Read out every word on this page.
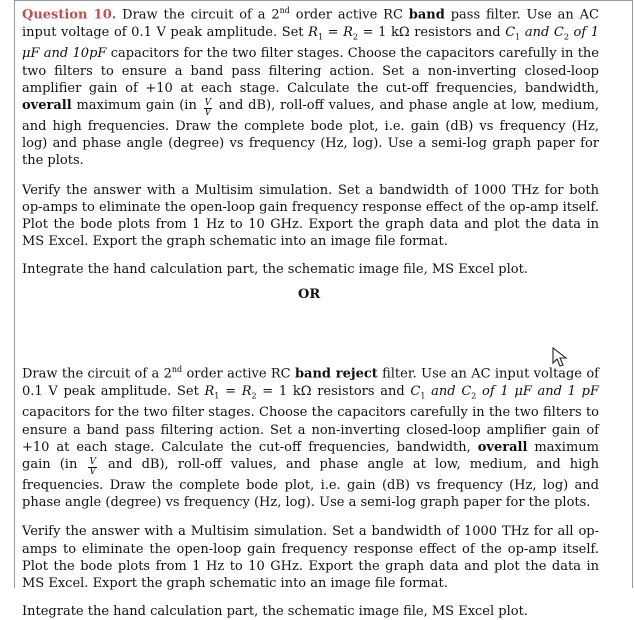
Question 10. Draw the circuit of a 2nd order active RC band pass filter. Use an AC input voltage of 0.1 V peak amplitude. Set $R_1 = R_2 = 1$ kΩ resistors and $C_1$ and $C_2$ of 1 μF and 10pF capacitors for the two filter stages. Choose the capacitors carefully in the two filters to ensure a band pass filtering action. Set a non-inverting closed-loop amplifier gain of +10 at each stage. Calculate the cut-off frequencies, bandwidth, overall maximum gain ($in \frac{V}{V}$ and dB), roll-off values, and phase angle at low, medium, and high frequencies. Draw the complete bode plot, i.e. gain (dB) vs frequency (Hz, log) and phase angle (degree) vs frequency (Hz, log). Use a semi-log graph paper for the plots.

Verify the answer with a Multisim simulation. Set a bandwidth of 1000 THz for both op-amps to eliminate the open-loop gain frequency response effect of the op-amp itself. Plot the bode plots from 1 Hz to 10 GHz. Export the graph data and plot the data in MS Excel. Export the graph schematic into an image file format.

Integrate the hand calculation part, the schematic image file, MS Excel plot.

OR

Draw the circuit of a 2nd order active RC band reject filter. Use an AC input voltage of 0.1 V peak amplitude. Set $R_1 = R_2 = 1$ kΩ resistors and $C_1$ and $C_2$ of 1 μF and 1 pF capacitors for the two filter stages. Choose the capacitors carefully in the two filters to ensure a band pass filtering action. Set a non-inverting closed-loop amplifier gain of +10 at each stage. Calculate the cut-off frequencies, bandwidth, overall maximum gain ($in \frac{V}{V}$ and dB), roll-off values, and phase angle at low, medium, and high frequencies. Draw the complete bode plot, i.e. gain (dB) vs frequency (Hz, log) and phase angle (degree) vs frequency (Hz, log). Use a semi-log graph paper for the plots.

Verify the answer with a Multisim simulation. Set a bandwidth of 1000 THz for all op-amps to eliminate the open-loop gain frequency response effect of the op-amp itself. Plot the bode plots from 1 Hz to 10 GHz. Export the graph data and plot the data in MS Excel. Export the graph schematic into an image file format.

Integrate the hand calculation part, the schematic image file, MS Excel plot.
